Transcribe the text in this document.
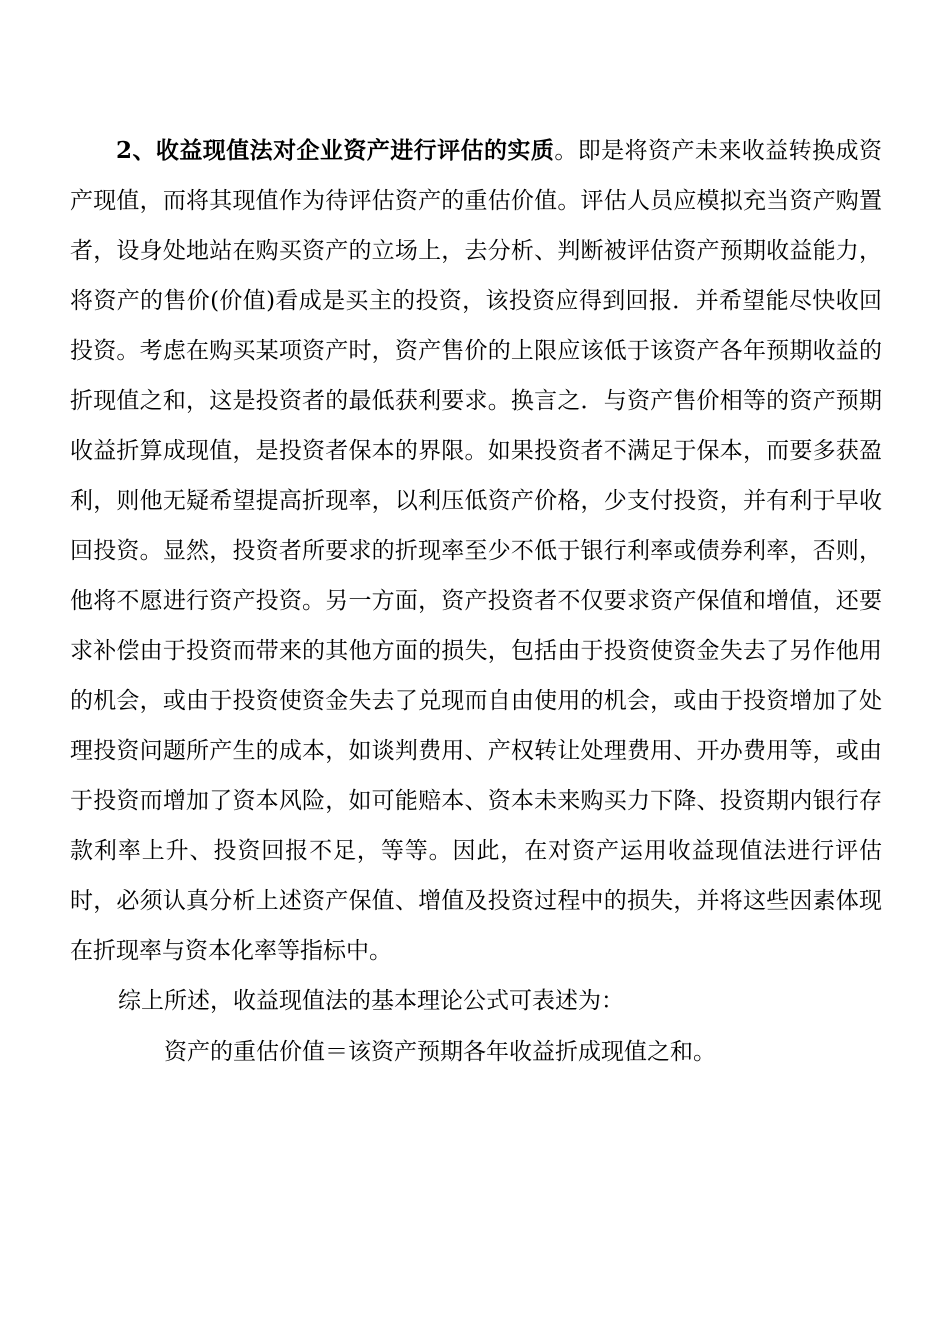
2、收益现值法对企业资产进行评估的实质。即是将资产未来收益转换成资产现值，而将其现值作为待评估资产的重估价值。评估人员应模拟充当资产购置者，设身处地站在购买资产的立场上，去分析、判断被评估资产预期收益能力，将资产的售价(价值)看成是买主的投资，该投资应得到回报．并希望能尽快收回投资。考虑在购买某项资产时，资产售价的上限应该低于该资产各年预期收益的折现值之和，这是投资者的最低获利要求。换言之．与资产售价相等的资产预期收益折算成现值，是投资者保本的界限。如果投资者不满足于保本，而要多获盈利，则他无疑希望提高折现率，以利压低资产价格，少支付投资，并有利于早收回投资。显然，投资者所要求的折现率至少不低于银行利率或债券利率，否则，他将不愿进行资产投资。另一方面，资产投资者不仅要求资产保值和增值，还要求补偿由于投资而带来的其他方面的损失，包括由于投资使资金失去了另作他用的机会，或由于投资使资金失去了兑现而自由使用的机会，或由于投资增加了处理投资问题所产生的成本，如谈判费用、产权转让处理费用、开办费用等，或由于投资而增加了资本风险，如可能赔本、资本未来购买力下降、投资期内银行存款利率上升、投资回报不足，等等。因此，在对资产运用收益现值法进行评估时，必须认真分析上述资产保值、增值及投资过程中的损失，并将这些因素体现在折现率与资本化率等指标中。

综上所述，收益现值法的基本理论公式可表述为：

资产的重估价值＝该资产预期各年收益折成现值之和。
